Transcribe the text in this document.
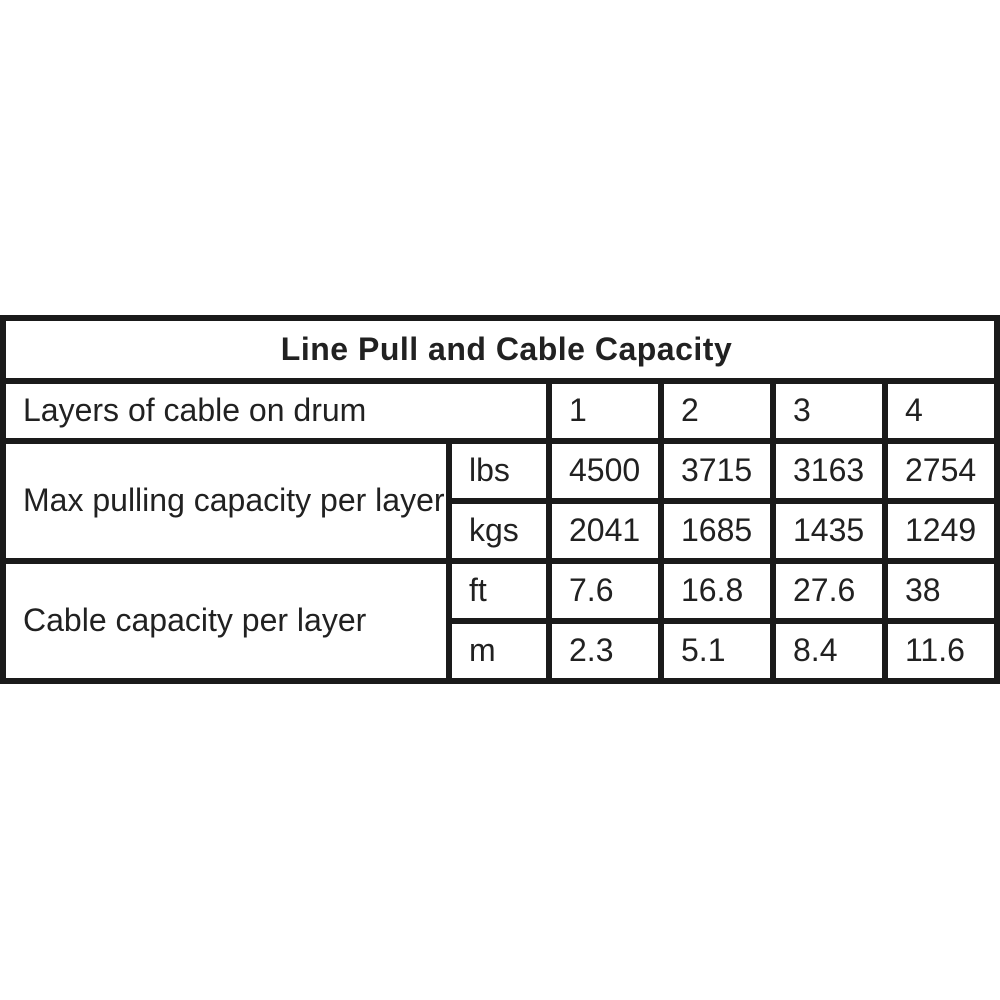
Line Pull and Cable Capacity					
Layers of cable on drum		1	2	3	4
Max pulling capacity per layer	lbs	4500	3715	3163	2754
	kgs	2041	1685	1435	1249
Cable capacity per layer	ft	7.6	16.8	27.6	38
	m	2.3	5.1	8.4	11.6
